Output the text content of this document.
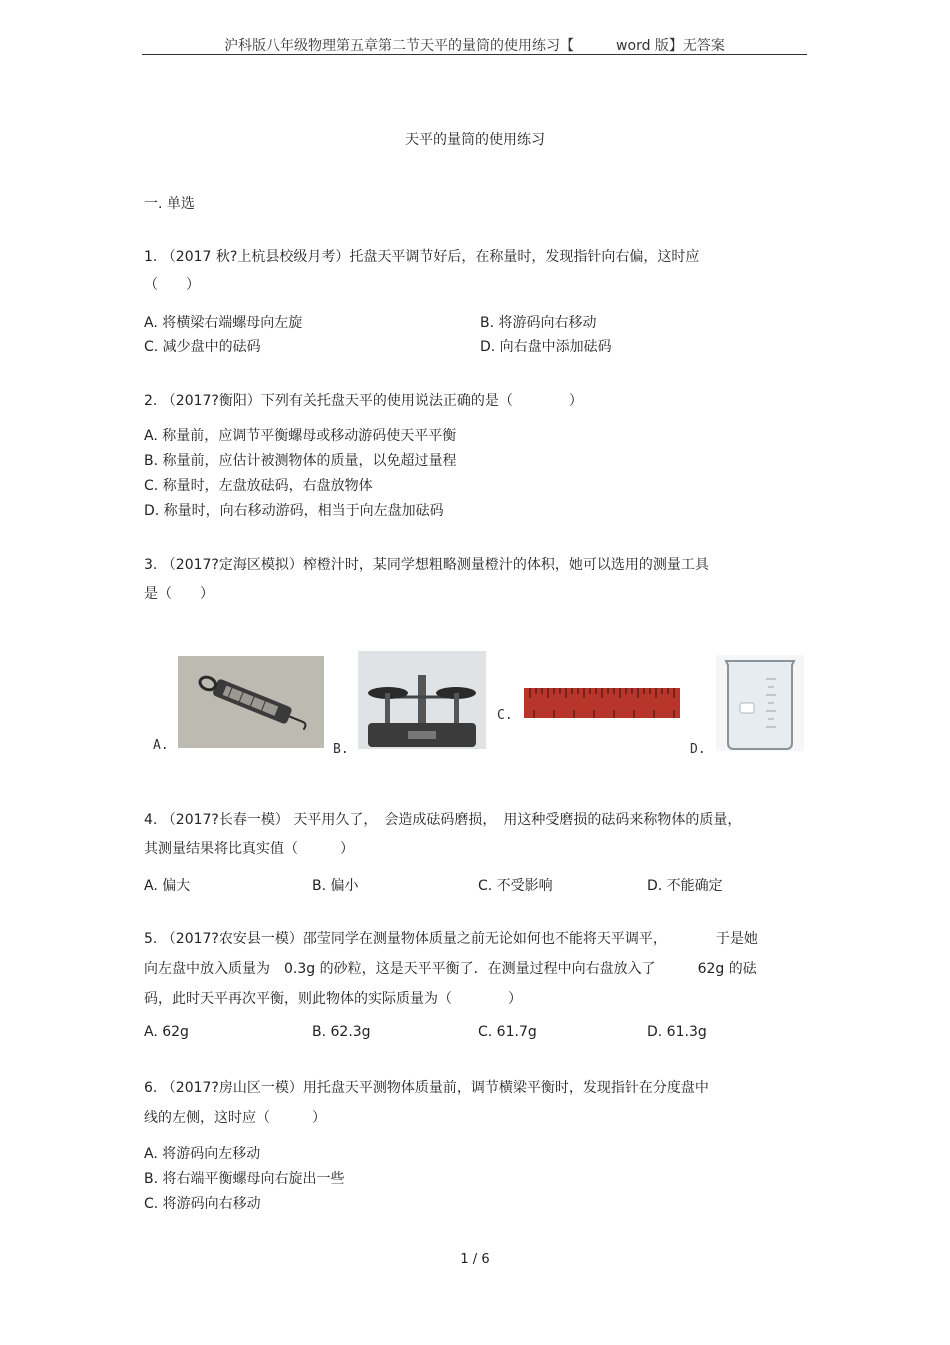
沪科版八年级物理第五章第二节天平的量筒的使用练习【　　　word 版】无答案
天平的量筒的使用练习
一. 单选
1. （2017 秋?上杭县校级月考）托盘天平调节好后，在称量时，发现指针向右偏，这时应
（　　）
A. 将横梁右端螺母向左旋	B. 将游码向右移动
C. 减少盘中的砝码	D. 向右盘中添加砝码
2. （2017?衡阳）下列有关托盘天平的使用说法正确的是（　　　　）
A. 称量前，应调节平衡螺母或移动游码使天平平衡
B. 称量前，应估计被测物体的质量，以免超过量程
C. 称量时，左盘放砝码，右盘放物体
D. 称量时，向右移动游码，相当于向左盘加砝码
3. （2017?定海区模拟）榨橙汁时，某同学想粗略测量橙汁的体积，她可以选用的测量工具
是（　　）
A.	B.
C.
D.
4. （2017?长春一模） 天平用久了，　会造成砝码磨损，　用这种受磨损的砝码来称物体的质量，
其测量结果将比真实值（　　　）
A. 偏大	B. 偏小	C. 不受影响	D. 不能确定
5. （2017?农安县一模）邵莹同学在测量物体质量之前无论如何也不能将天平调平，　　　　于是她
向左盘中放入质量为　0.3g 的砂粒，这是天平平衡了．在测量过程中向右盘放入了　　　62g 的砝
码，此时天平再次平衡，则此物体的实际质量为（　　　　）
A. 62g	B. 62.3g	C. 61.7g	D. 61.3g
6. （2017?房山区一模）用托盘天平测物体质量前，调节横梁平衡时，发现指针在分度盘中
线的左侧，这时应（　　　）
A. 将游码向左移动
B. 将右端平衡螺母向右旋出一些
C. 将游码向右移动
1 / 6
